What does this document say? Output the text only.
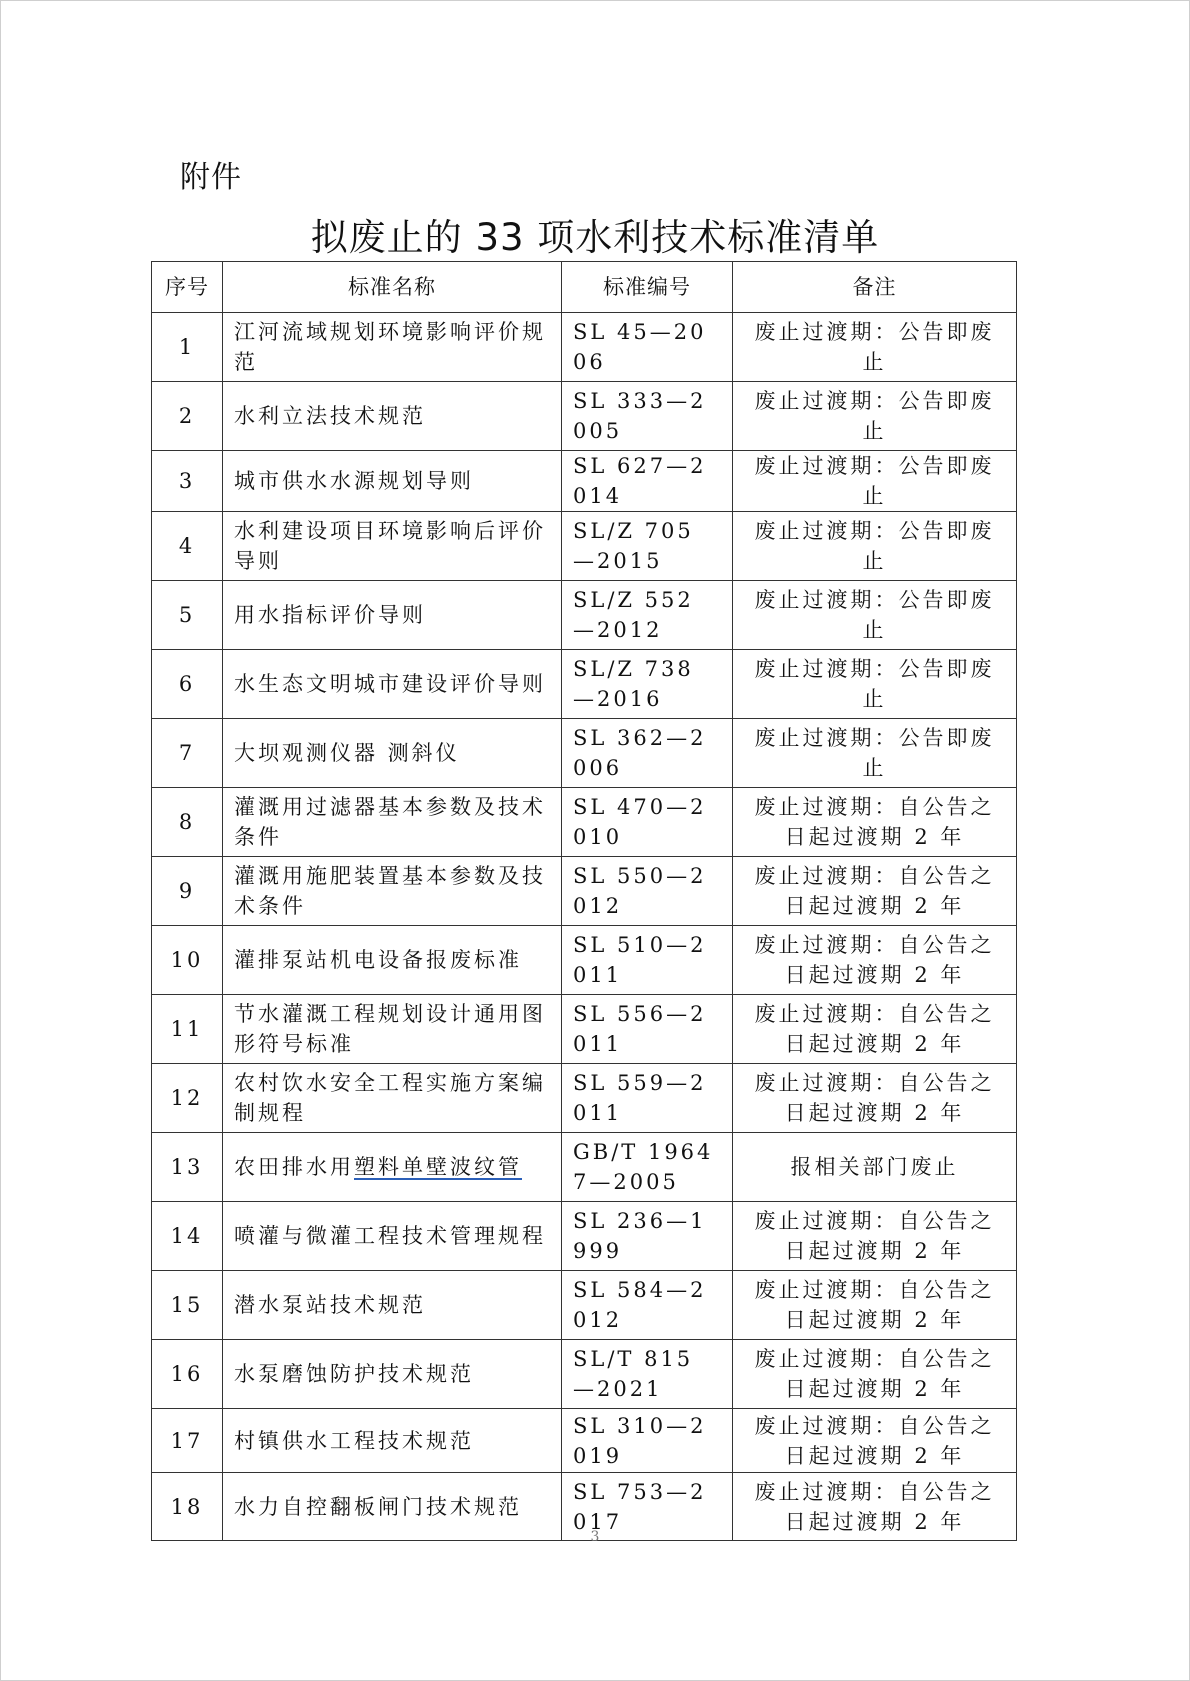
附件
拟废止的 33 项水利技术标准清单
序号	标准名称	标准编号	备注
1	江河流域规划环境影响评价规范	SL 45—2006	废止过渡期：公告即废止
2	水利立法技术规范	SL 333—2005	废止过渡期：公告即废止
3	城市供水水源规划导则	SL 627—2014	废止过渡期：公告即废止
4	水利建设项目环境影响后评价导则	SL/Z 705 —2015	废止过渡期：公告即废止
5	用水指标评价导则	SL/Z 552 —2012	废止过渡期：公告即废止
6	水生态文明城市建设评价导则	SL/Z 738 —2016	废止过渡期：公告即废止
7	大坝观测仪器 测斜仪	SL 362—2006	废止过渡期：公告即废止
8	灌溉用过滤器基本参数及技术条件	SL 470—2010	废止过渡期：自公告之日起过渡期 2 年
9	灌溉用施肥装置基本参数及技术条件	SL 550—2012	废止过渡期：自公告之日起过渡期 2 年
10	灌排泵站机电设备报废标准	SL 510—2011	废止过渡期：自公告之日起过渡期 2 年
11	节水灌溉工程规划设计通用图形符号标准	SL 556—2011	废止过渡期：自公告之日起过渡期 2 年
12	农村饮水安全工程实施方案编制规程	SL 559—2011	废止过渡期：自公告之日起过渡期 2 年
13	农田排水用塑料单壁波纹管	GB/T 19647—2005	报相关部门废止
14	喷灌与微灌工程技术管理规程	SL 236—1999	废止过渡期：自公告之日起过渡期 2 年
15	潜水泵站技术规范	SL 584—2012	废止过渡期：自公告之日起过渡期 2 年
16	水泵磨蚀防护技术规范	SL/T 815 —2021	废止过渡期：自公告之日起过渡期 2 年
17	村镇供水工程技术规范	SL 310—2019	废止过渡期：自公告之日起过渡期 2 年
18	水力自控翻板闸门技术规范	SL 753—2017	废止过渡期：自公告之日起过渡期 2 年
3
